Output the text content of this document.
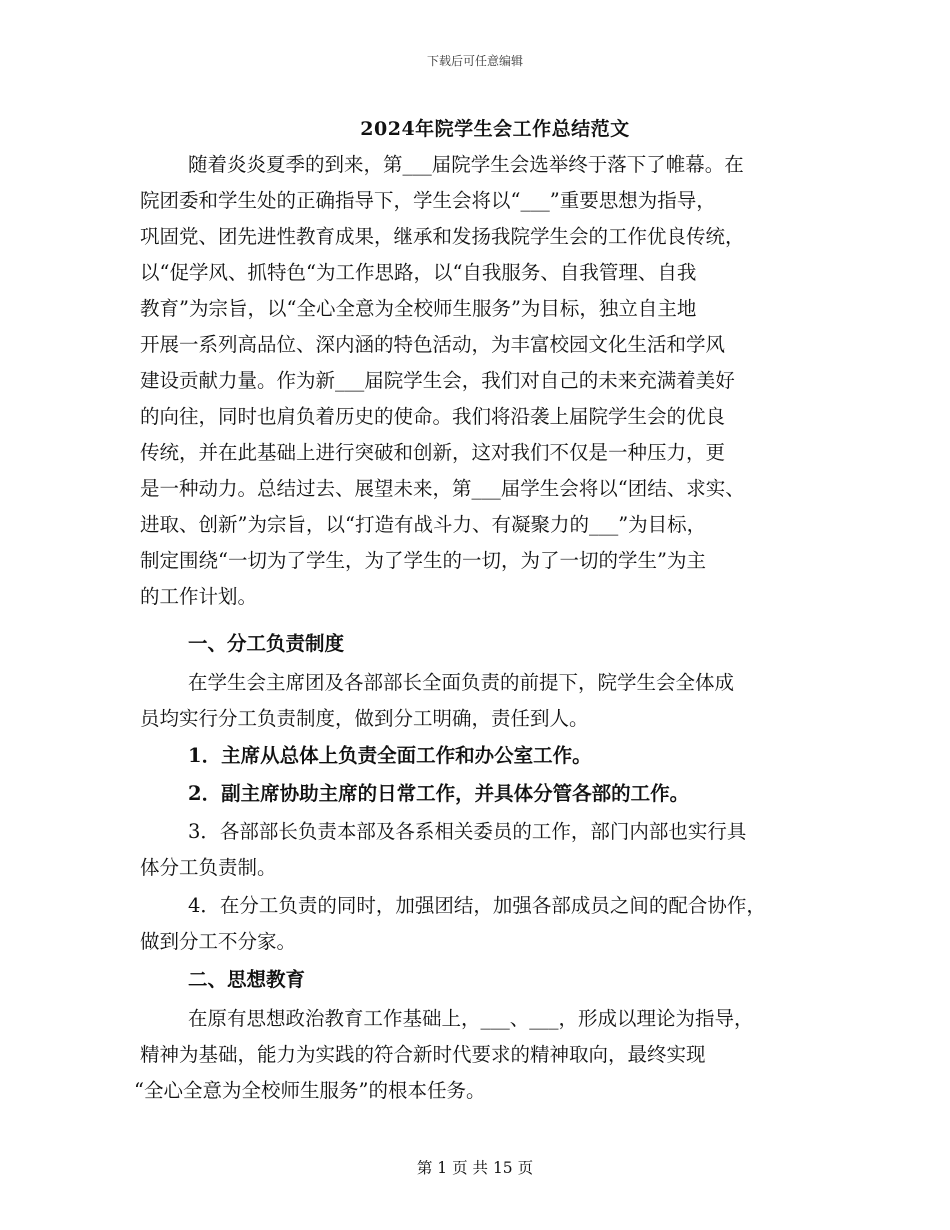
下载后可任意编辑
2024年院学生会工作总结范文
随着炎炎夏季的到来，第___届院学生会选举终于落下了帷幕。在
院团委和学生处的正确指导下，学生会将以“___”重要思想为指导，
巩固党、团先进性教育成果，继承和发扬我院学生会的工作优良传统，
以“促学风、抓特色“为工作思路，以“自我服务、自我管理、自我
教育”为宗旨，以“全心全意为全校师生服务”为目标，独立自主地
开展一系列高品位、深内涵的特色活动，为丰富校园文化生活和学风
建设贡献力量。作为新___届院学生会，我们对自己的未来充满着美好
的向往，同时也肩负着历史的使命。我们将沿袭上届院学生会的优良
传统，并在此基础上进行突破和创新，这对我们不仅是一种压力，更
是一种动力。总结过去、展望未来，第___届学生会将以“团结、求实、
进取、创新”为宗旨，以“打造有战斗力、有凝聚力的___”为目标，
制定围绕“一切为了学生，为了学生的一切，为了一切的学生”为主
的工作计划。
一、分工负责制度
在学生会主席团及各部部长全面负责的前提下，院学生会全体成
员均实行分工负责制度，做到分工明确，责任到人。
1．主席从总体上负责全面工作和办公室工作。
2．副主席协助主席的日常工作，并具体分管各部的工作。
3．各部部长负责本部及各系相关委员的工作，部门内部也实行具
体分工负责制。
4．在分工负责的同时，加强团结，加强各部成员之间的配合协作，
做到分工不分家。
二、思想教育
在原有思想政治教育工作基础上，___、___，形成以理论为指导，
精神为基础，能力为实践的符合新时代要求的精神取向，最终实现
“全心全意为全校师生服务”的根本任务。
第 1 页 共 15 页
